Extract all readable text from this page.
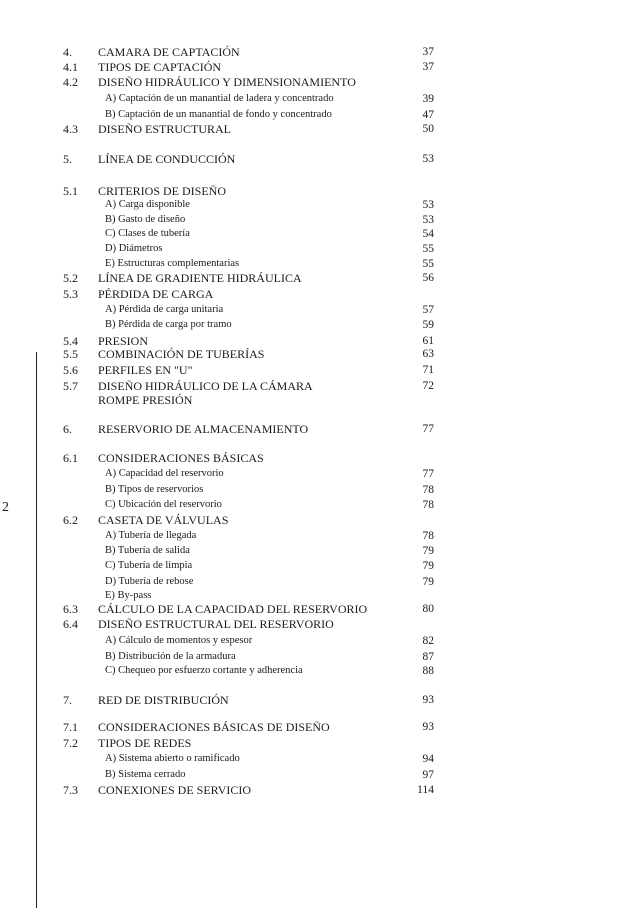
2
4. CAMARA DE CAPTACIÓN	37
4.1 TIPOS DE CAPTACIÓN	37
4.2 DISEÑO HIDRÁULICO Y DIMENSIONAMIENTO
A) Captación de un manantial de ladera y concentrado	39
B) Captación de un manantial de fondo y concentrado	47
4.3 DISEÑO ESTRUCTURAL	50
5. LÍNEA DE CONDUCCIÓN	53
5.1 CRITERIOS DE DISEÑO
A) Carga disponible	53
B) Gasto de diseño	53
C) Clases de tubería	54
D) Diámetros	55
E) Estructuras complementarias	55
5.2 LÍNEA DE GRADIENTE HIDRÁULICA	56
5.3 PÉRDIDA DE CARGA
A) Pérdida de carga unitaria	57
B) Pérdida de carga por tramo	59
5.4 PRESION	61
5.5 COMBINACIÓN DE TUBERÍAS	63
5.6 PERFILES EN "U"	71
5.7 DISEÑO HIDRÁULICO DE LA CÁMARA	72
ROMPE PRESIÓN
6. RESERVORIO DE ALMACENAMIENTO	77
6.1 CONSIDERACIONES BÁSICAS
A) Capacidad del reservorio	77
B) Tipos de reservorios	78
C) Ubicación del reservorio	78
6.2 CASETA DE VÁLVULAS
A) Tubería de llegada	78
B) Tubería de salida	79
C) Tubería de limpia	79
D) Tubería de rebose	79
E) By-pass
6.3 CÁLCULO DE LA CAPACIDAD DEL RESERVORIO	80
6.4 DISEÑO ESTRUCTURAL DEL RESERVORIO
A) Cálculo de momentos y espesor	82
B) Distribución de la armadura	87
C) Chequeo por esfuerzo cortante y adherencia	88
7. RED DE DISTRIBUCIÓN	93
7.1 CONSIDERACIONES BÁSICAS DE DISEÑO	93
7.2 TIPOS DE REDES
A) Sistema abierto o ramificado	94
B) Sistema cerrado	97
7.3 CONEXIONES DE SERVICIO	114
